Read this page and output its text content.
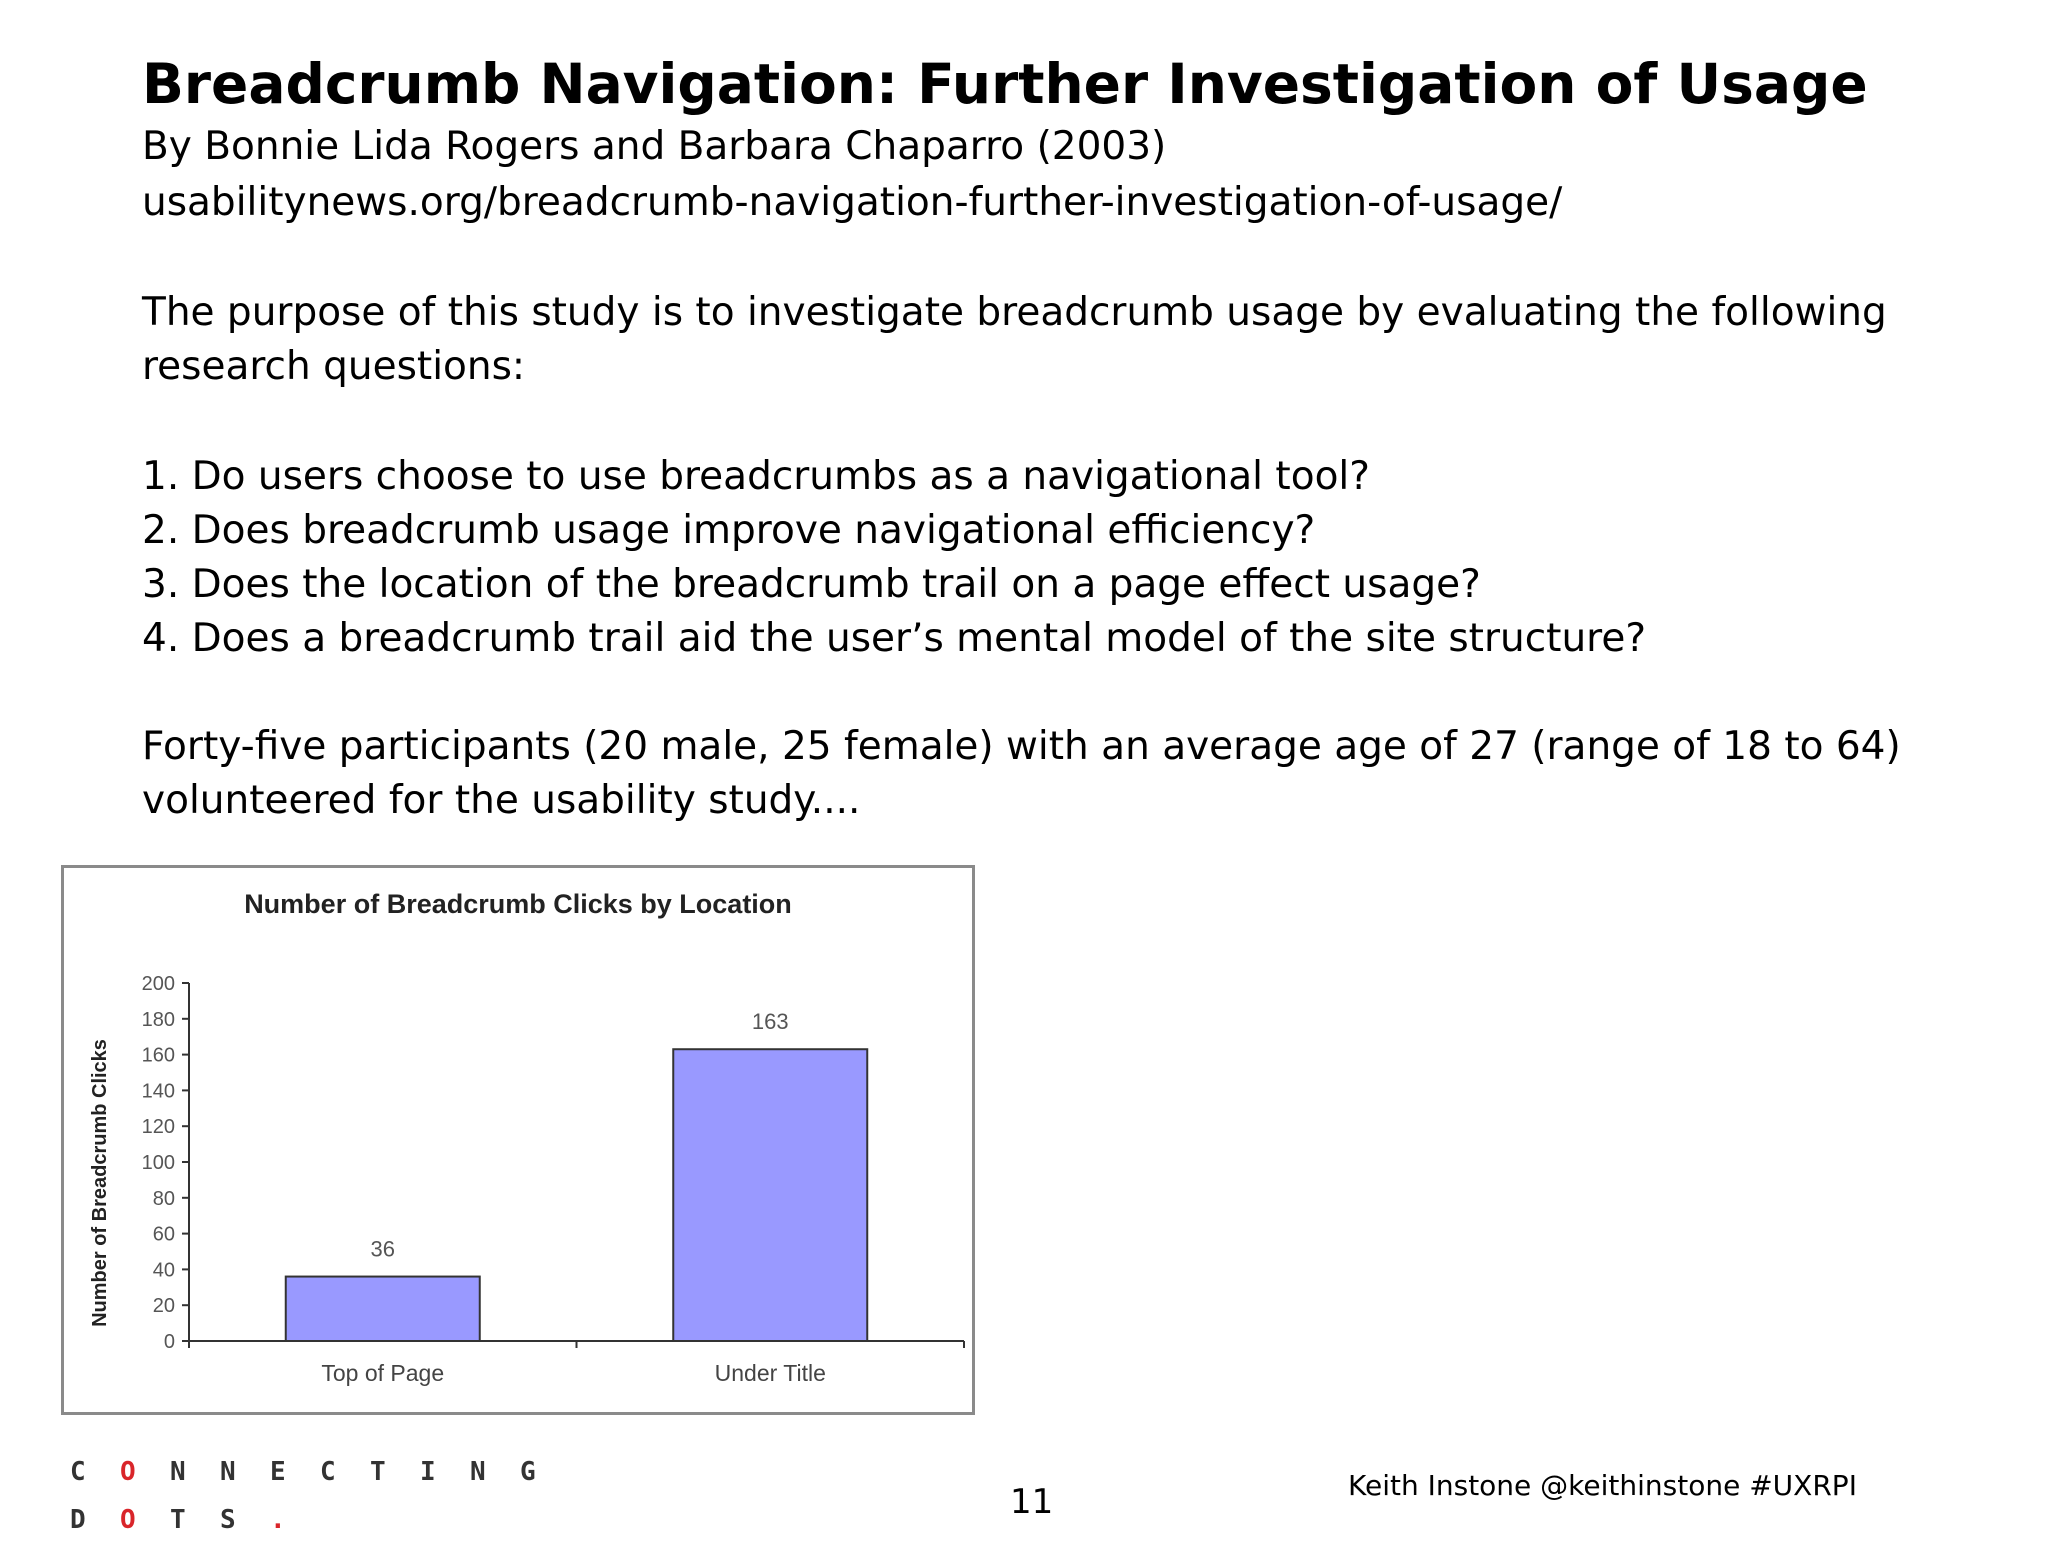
Breadcrumb Navigation: Further Investigation of Usage

By Bonnie Lida Rogers and Barbara Chaparro (2003)

usabilitynews.org/breadcrumb-navigation-further-investigation-of-usage/

The purpose of this study is to investigate breadcrumb usage by evaluating the following
research questions:
1. Do users choose to use breadcrumbs as a navigational tool?
2. Does breadcrumb usage improve navigational efficiency?
3. Does the location of the breadcrumb trail on a page effect usage?
4. Does a breadcrumb trail aid the user’s mental model of the site structure?
Forty-five participants (20 male, 25 female) with an average age of 27 (range of 18 to 64)
volunteered for the usability study....
Number of Breadcrumb Clicks by Location
Number of Breadcrumb Clicks
0
20
40
60
80
100
120
140
160
180
200
36
Top of Page
163
Under Title
C O N N E C T I N G
D O T S .	11	Keith Instone @keithinstone #UXRPI
